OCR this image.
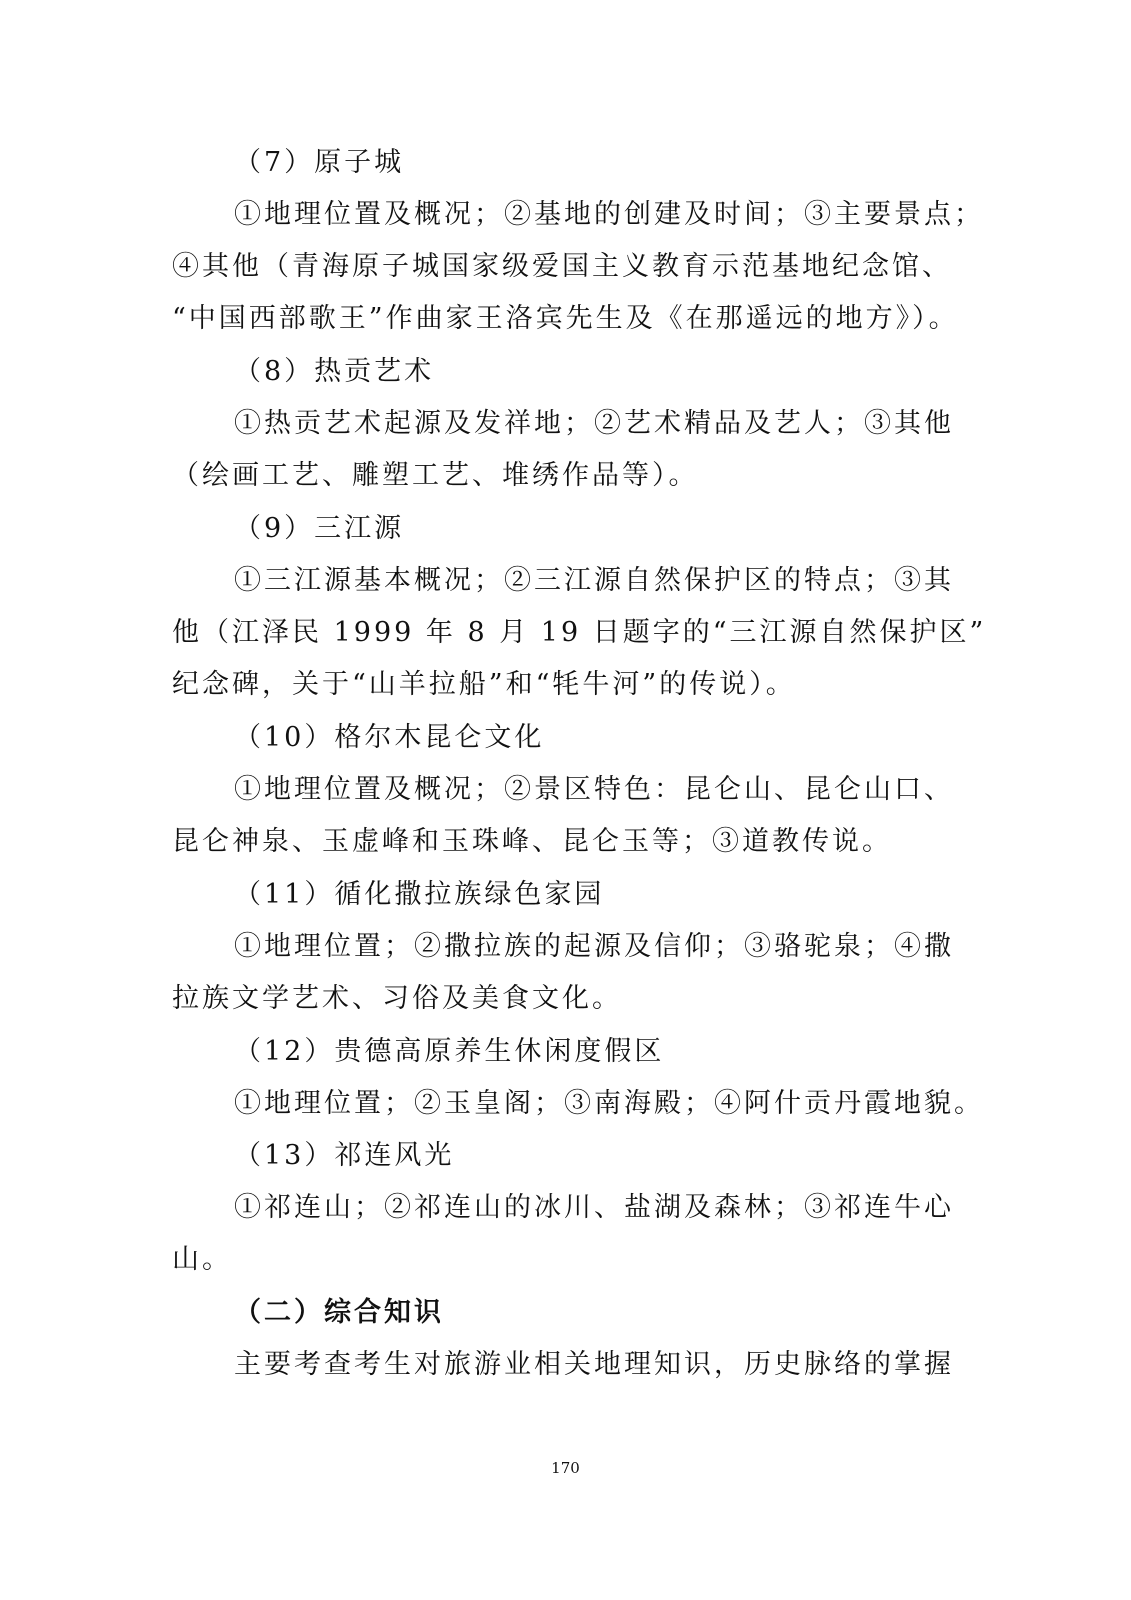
（7）原子城
①地理位置及概况；②基地的创建及时间；③主要景点；
④其他（青海原子城国家级爱国主义教育示范基地纪念馆、
“中国西部歌王”作曲家王洛宾先生及《在那遥远的地方》）。
（8）热贡艺术
①热贡艺术起源及发祥地；②艺术精品及艺人；③其他
（绘画工艺、雕塑工艺、堆绣作品等）。
（9）三江源
①三江源基本概况；②三江源自然保护区的特点；③其
他（江泽民 1999 年 8 月 19 日题字的“三江源自然保护区”
纪念碑，关于“山羊拉船”和“牦牛河”的传说）。
（10）格尔木昆仑文化
①地理位置及概况；②景区特色：昆仑山、昆仑山口、
昆仑神泉、玉虚峰和玉珠峰、昆仑玉等；③道教传说。
（11）循化撒拉族绿色家园
①地理位置；②撒拉族的起源及信仰；③骆驼泉；④撒
拉族文学艺术、习俗及美食文化。
（12）贵德高原养生休闲度假区
①地理位置；②玉皇阁；③南海殿；④阿什贡丹霞地貌。
（13）祁连风光
①祁连山；②祁连山的冰川、盐湖及森林；③祁连牛心
山。
（二）综合知识
主要考查考生对旅游业相关地理知识，历史脉络的掌握
170
